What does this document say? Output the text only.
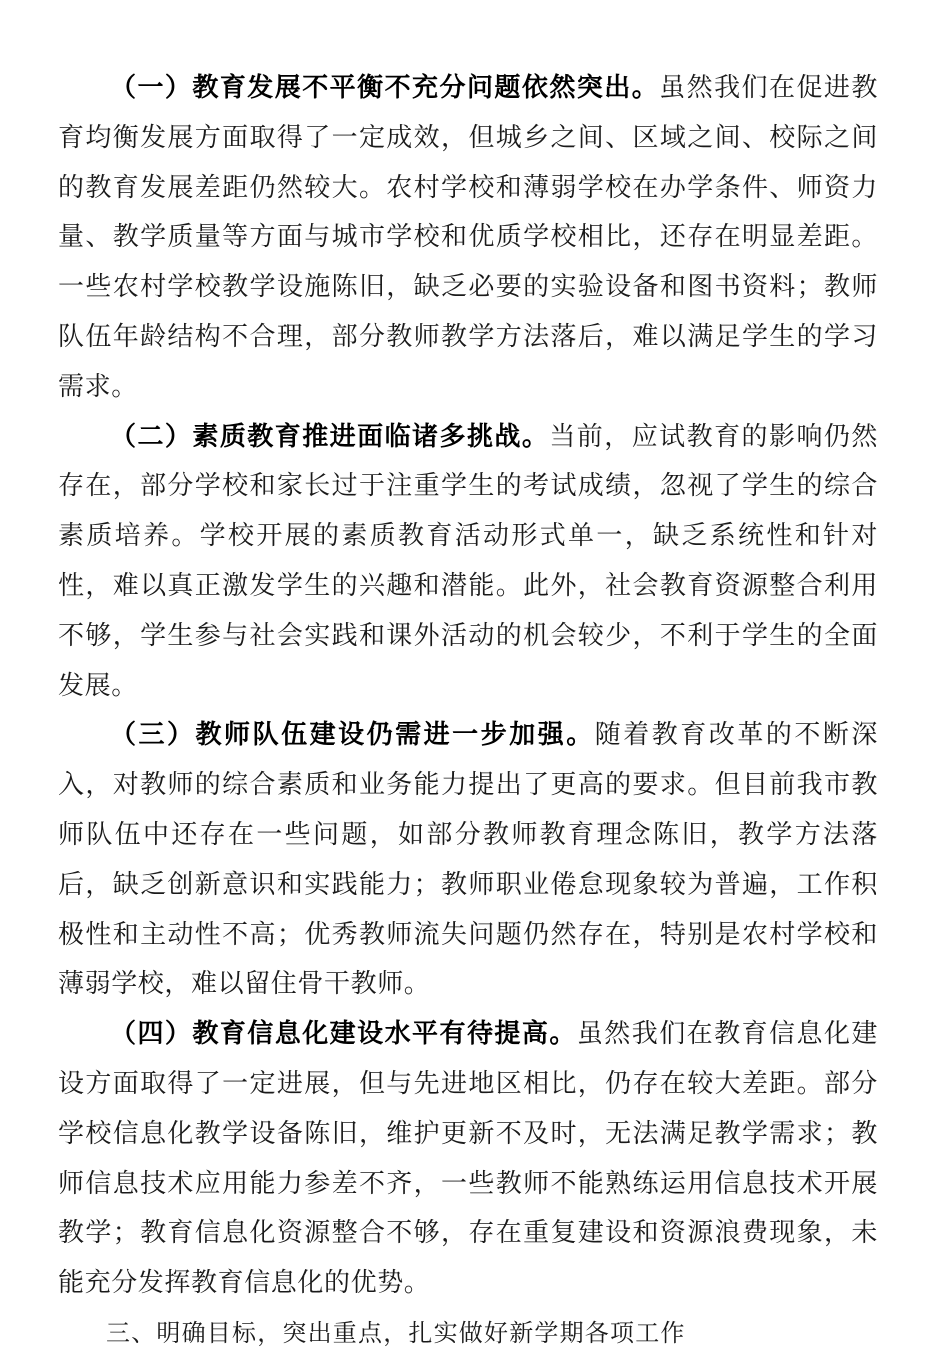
（一）教育发展不平衡不充分问题依然突出。虽然我们在促进教育均衡发展方面取得了一定成效，但城乡之间、区域之间、校际之间的教育发展差距仍然较大。农村学校和薄弱学校在办学条件、师资力量、教学质量等方面与城市学校和优质学校相比，还存在明显差距。一些农村学校教学设施陈旧，缺乏必要的实验设备和图书资料；教师队伍年龄结构不合理，部分教师教学方法落后，难以满足学生的学习需求。

（二）素质教育推进面临诸多挑战。当前，应试教育的影响仍然存在，部分学校和家长过于注重学生的考试成绩，忽视了学生的综合素质培养。学校开展的素质教育活动形式单一，缺乏系统性和针对性，难以真正激发学生的兴趣和潜能。此外，社会教育资源整合利用不够，学生参与社会实践和课外活动的机会较少，不利于学生的全面发展。

（三）教师队伍建设仍需进一步加强。随着教育改革的不断深入，对教师的综合素质和业务能力提出了更高的要求。但目前我市教师队伍中还存在一些问题，如部分教师教育理念陈旧，教学方法落后，缺乏创新意识和实践能力；教师职业倦怠现象较为普遍，工作积极性和主动性不高；优秀教师流失问题仍然存在，特别是农村学校和薄弱学校，难以留住骨干教师。

（四）教育信息化建设水平有待提高。虽然我们在教育信息化建设方面取得了一定进展，但与先进地区相比，仍存在较大差距。部分学校信息化教学设备陈旧，维护更新不及时，无法满足教学需求；教师信息技术应用能力参差不齐，一些教师不能熟练运用信息技术开展教学；教育信息化资源整合不够，存在重复建设和资源浪费现象，未能充分发挥教育信息化的优势。

三、明确目标，突出重点，扎实做好新学期各项工作
